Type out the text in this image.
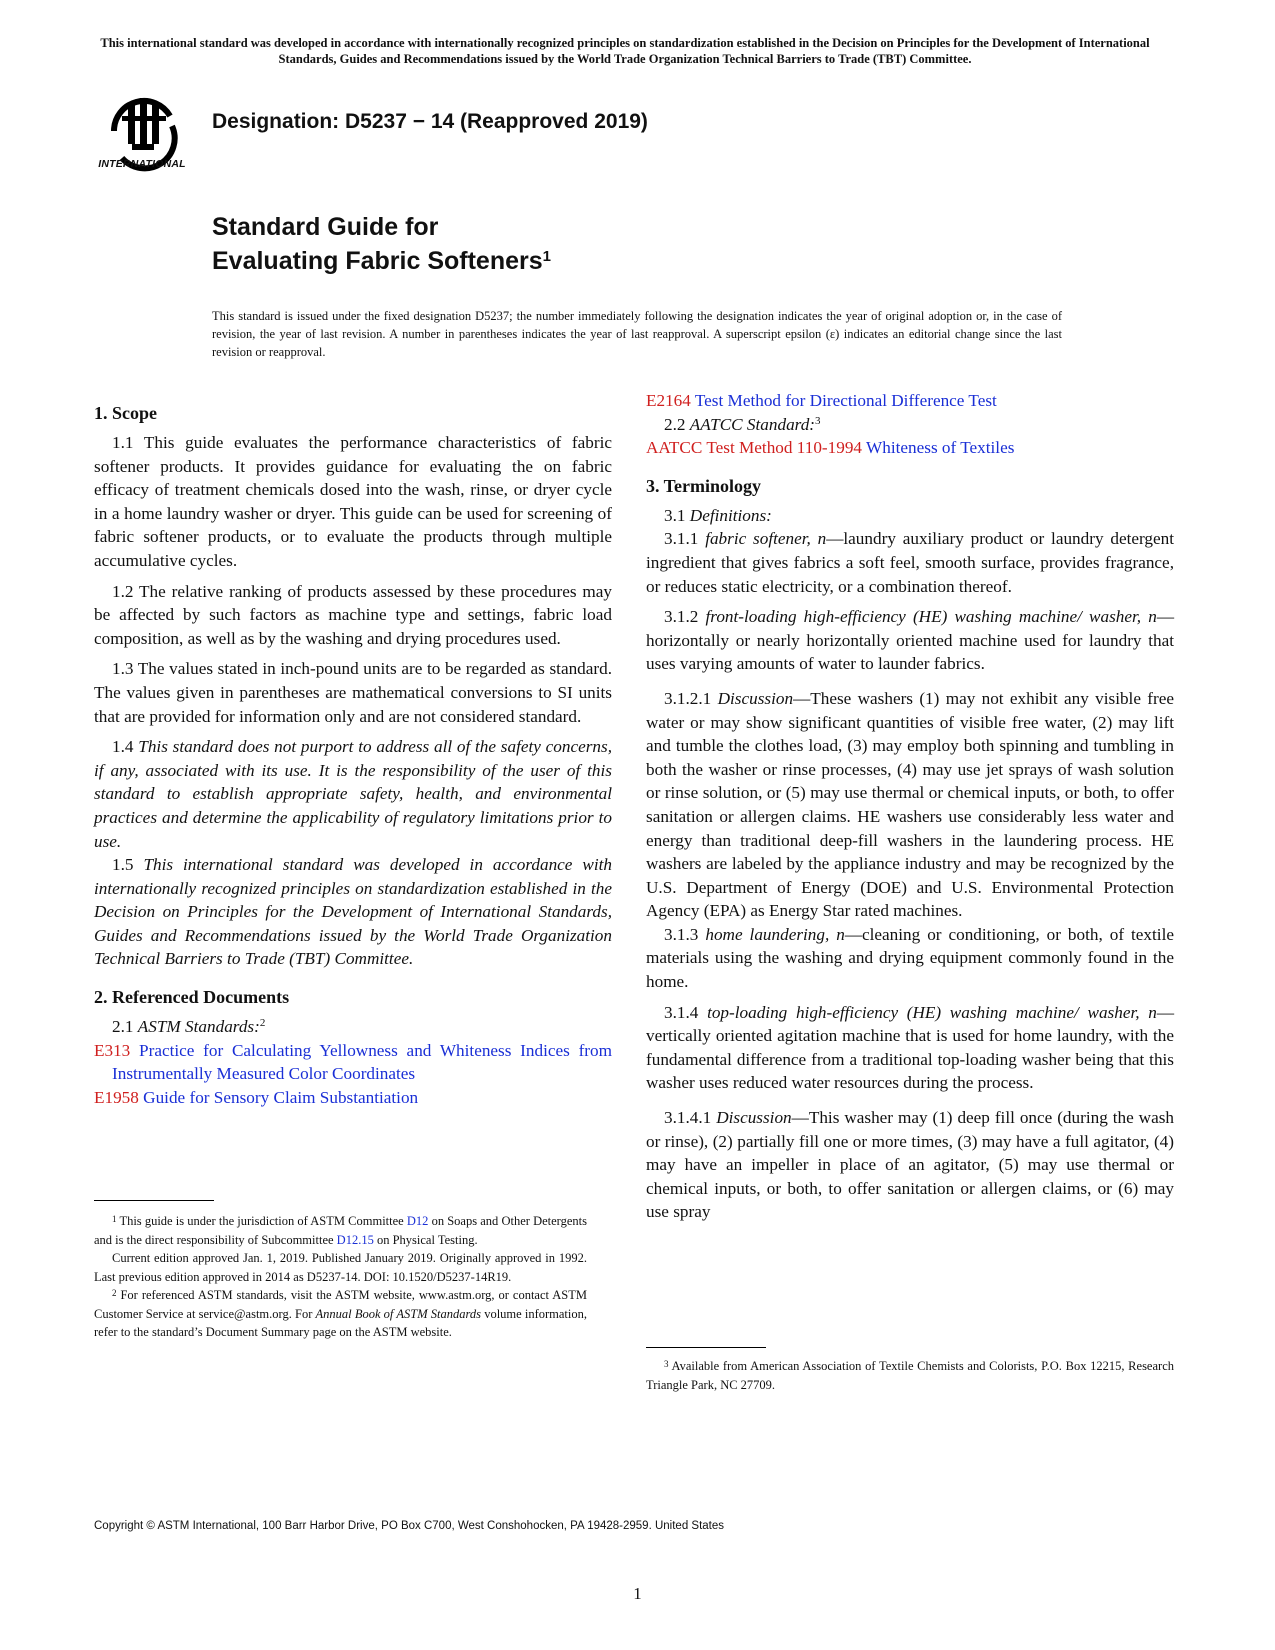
This international standard was developed in accordance with internationally recognized principles on standardization established in the Decision on Principles for the Development of International Standards, Guides and Recommendations issued by the World Trade Organization Technical Barriers to Trade (TBT) Committee.
INTERNATIONAL
Designation: D5237 − 14 (Reapproved 2019)
Standard Guide for
Evaluating Fabric Softeners$^1$
This standard is issued under the fixed designation D5237; the number immediately following the designation indicates the year of original adoption or, in the case of revision, the year of last revision. A number in parentheses indicates the year of last reapproval. A superscript epsilon (ε) indicates an editorial change since the last revision or reapproval.
1. Scope

1.1 This guide evaluates the performance characteristics of fabric softener products. It provides guidance for evaluating the on fabric efficacy of treatment chemicals dosed into the wash, rinse, or dryer cycle in a home laundry washer or dryer. This guide can be used for screening of fabric softener products, or to evaluate the products through multiple accumulative cycles.

1.2 The relative ranking of products assessed by these procedures may be affected by such factors as machine type and settings, fabric load composition, as well as by the washing and drying procedures used.

1.3 The values stated in inch-pound units are to be regarded as standard. The values given in parentheses are mathematical conversions to SI units that are provided for information only and are not considered standard.

1.4 This standard does not purport to address all of the safety concerns, if any, associated with its use. It is the responsibility of the user of this standard to establish appropriate safety, health, and environmental practices and determine the applicability of regulatory limitations prior to use.

1.5 This international standard was developed in accordance with internationally recognized principles on standardization established in the Decision on Principles for the Development of International Standards, Guides and Recommendations issued by the World Trade Organization Technical Barriers to Trade (TBT) Committee.

2. Referenced Documents

2.1 ASTM Standards:$^2$

E313 Practice for Calculating Yellowness and Whiteness Indices from Instrumentally Measured Color Coordinates

E1958 Guide for Sensory Claim Substantiation

$^1$ This guide is under the jurisdiction of ASTM Committee D12 on Soaps and Other Detergents and is the direct responsibility of Subcommittee D12.15 on Physical Testing.

Current edition approved Jan. 1, 2019. Published January 2019. Originally approved in 1992. Last previous edition approved in 2014 as D5237-14. DOI: 10.1520/D5237-14R19.

$^2$ For referenced ASTM standards, visit the ASTM website, www.astm.org, or contact ASTM Customer Service at service@astm.org. For Annual Book of ASTM Standards volume information, refer to the standard’s Document Summary page on the ASTM website.

E2164 Test Method for Directional Difference Test

2.2 AATCC Standard:$^3$

AATCC Test Method 110-1994 Whiteness of Textiles

3. Terminology

3.1 Definitions:

3.1.1 fabric softener, n—laundry auxiliary product or laundry detergent ingredient that gives fabrics a soft feel, smooth surface, provides fragrance, or reduces static electricity, or a combination thereof.

3.1.2 front-loading high-efficiency (HE) washing machine/ washer, n—horizontally or nearly horizontally oriented machine used for laundry that uses varying amounts of water to launder fabrics.

3.1.2.1 Discussion—These washers (1) may not exhibit any visible free water or may show significant quantities of visible free water, (2) may lift and tumble the clothes load, (3) may employ both spinning and tumbling in both the washer or rinse processes, (4) may use jet sprays of wash solution or rinse solution, or (5) may use thermal or chemical inputs, or both, to offer sanitation or allergen claims. HE washers use considerably less water and energy than traditional deep-fill washers in the laundering process. HE washers are labeled by the appliance industry and may be recognized by the U.S. Department of Energy (DOE) and U.S. Environmental Protection Agency (EPA) as Energy Star rated machines.

3.1.3 home laundering, n—cleaning or conditioning, or both, of textile materials using the washing and drying equipment commonly found in the home.

3.1.4 top-loading high-efficiency (HE) washing machine/ washer, n—vertically oriented agitation machine that is used for home laundry, with the fundamental difference from a traditional top-loading washer being that this washer uses reduced water resources during the process.

3.1.4.1 Discussion—This washer may (1) deep fill once (during the wash or rinse), (2) partially fill one or more times, (3) may have a full agitator, (4) may have an impeller in place of an agitator, (5) may use thermal or chemical inputs, or both, to offer sanitation or allergen claims, or (6) may use spray

$^3$ Available from American Association of Textile Chemists and Colorists, P.O. Box 12215, Research Triangle Park, NC 27709.

Copyright © ASTM International, 100 Barr Harbor Drive, PO Box C700, West Conshohocken, PA 19428-2959. United States
1
